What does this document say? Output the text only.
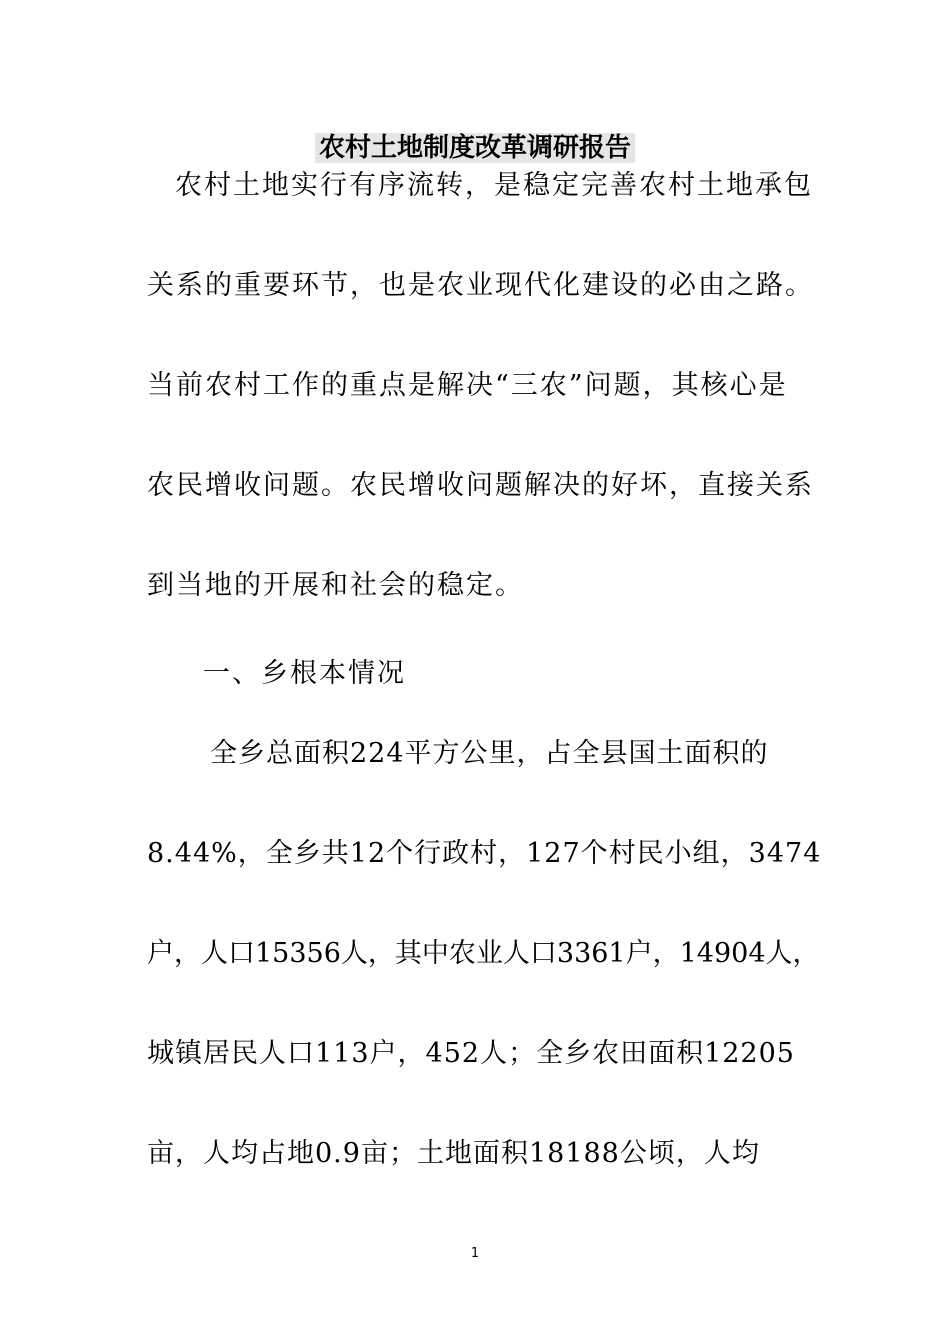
农村土地制度改革调研报告
农村土地实行有序流转，是稳定完善农村土地承包
关系的重要环节，也是农业现代化建设的必由之路。
当前农村工作的重点是解决“三农”问题，其核心是
农民增收问题。农民增收问题解决的好坏，直接关系
到当地的开展和社会的稳定。
一、乡根本情况
全乡总面积224平方公里，占全县国土面积的
8.44%，全乡共12个行政村，127个村民小组，3474
户，人口15356人，其中农业人口3361户，14904人，
城镇居民人口113户，452人；全乡农田面积12205
亩，人均占地0.9亩；土地面积18188公顷，人均
1
